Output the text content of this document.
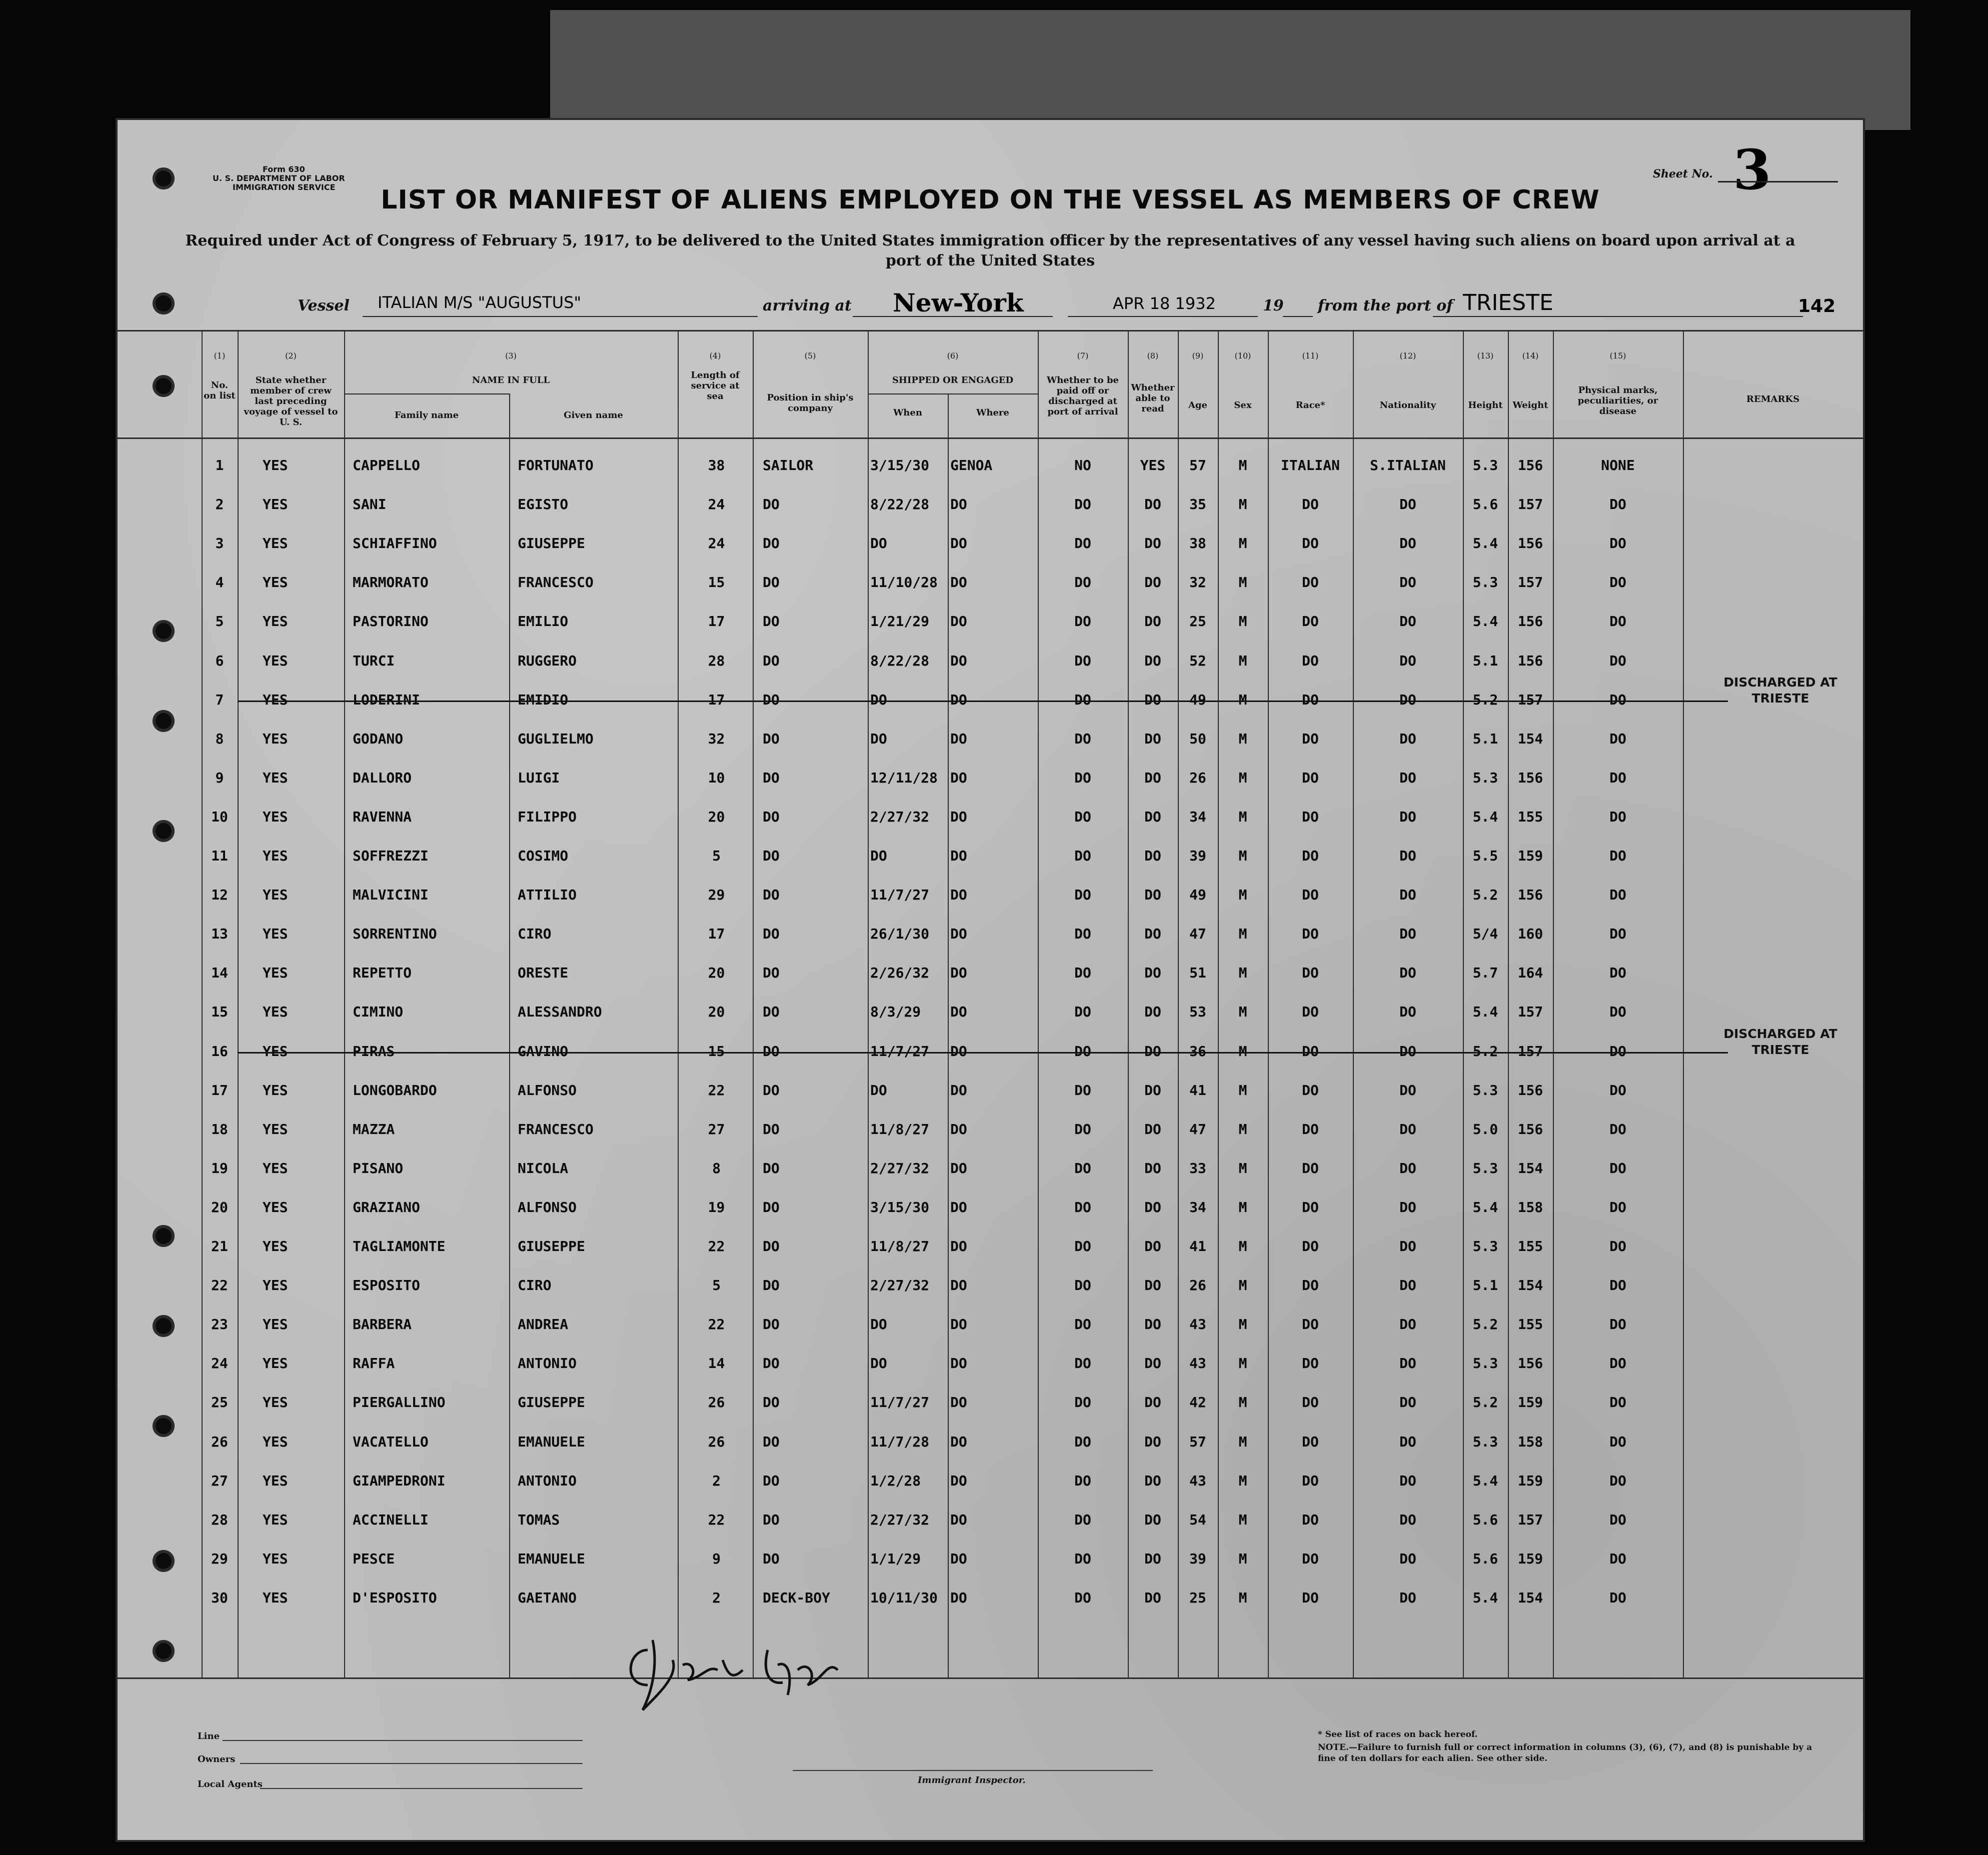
Form 630
U. S. DEPARTMENT OF LABOR
IMMIGRATION SERVICE
Sheet No. 3
LIST OR MANIFEST OF ALIENS EMPLOYED ON THE VESSEL AS MEMBERS OF CREW
Required under Act of Congress of February 5, 1917, to be delivered to the United States immigration officer by the representatives of any vessel having such aliens on board upon arrival at a port of the United States
Vessel ITALIAN M/S "AUGUSTUS"	arriving at New-York	APR 18 1932	19 from the port of TRIESTE	142
(1)	(2)	(3)	(4)	(5)	(6)	(7)	(8)	(9)	(10)	(11)	(12)	(13)	(14)	(15)
No. on list
State whether member of crew last preceding voyage of vessel to U. S.
NAME IN FULL
Family name	Given name
Length of service at sea	Position in ship's company
SHIPPED OR ENGAGED
When	Where
Whether to be paid off or discharged at port of arrival
Whether able to read	Age	Sex	Race*	Nationality	Height	Weight
Physical marks, peculiarities, or disease
REMARKS
1	YES	CAPPELLO	FORTUNATO	38	SAILOR	3/15/30	GENOA	NO	YES	57	M	ITALIAN	S.ITALIAN	5.3	156	NONE
2	YES	SANI	EGISTO	24	DO	8/22/28	DO	DO	DO	35	M	DO	DO	5.6	157	DO
3	YES	SCHIAFFINO	GIUSEPPE	24	DO	DO	DO	DO	DO	38	M	DO	DO	5.4	156	DO
4	YES	MARMORATO	FRANCESCO	15	DO	11/10/28 DO	DO	DO	32	M	DO	DO	5.3	157	DO
5	YES	PASTORINO	EMILIO	17	DO	1/21/29	DO	DO	DO	25	M	DO	DO	5.4	156	DO
6	YES	TURCI	RUGGERO	28	DO	8/22/28	DO	DO	DO	52	M	DO	DO	5.1	156	DO
7	YES	LODERINI	EMIDIO	17	DO	DO	DO	DO	DO	49	M	DO	DO	5.2	157	DO
DISCHARGED AT TRIESTE
8	YES	GODANO	GUGLIELMO	32	DO	DO	DO	DO	DO	50	M	DO	DO	5.1	154	DO
9	YES	DALLORO	LUIGI	10	DO	12/11/28 DO	DO	DO	26	M	DO	DO	5.3	156	DO
10	YES	RAVENNA	FILIPPO	20	DO	2/27/32	DO	DO	DO	34	M	DO	DO	5.4	155	DO
11	YES	SOFFREZZI	COSIMO	5	DO	DO	DO	DO	DO	39	M	DO	DO	5.5	159	DO
12	YES	MALVICINI	ATTILIO	29	DO	11/7/27	DO	DO	DO	49	M	DO	DO	5.2	156	DO
13	YES	SORRENTINO	CIRO	17	DO	26/1/30	DO	DO	DO	47	M	DO	DO	5/4	160	DO
14	YES	REPETTO	ORESTE	20	DO	2/26/32	DO	DO	DO	51	M	DO	DO	5.7	164	DO
15	YES	CIMINO	ALESSANDRO	20	DO	8/3/29	DO	DO	DO	53	M	DO	DO	5.4	157	DO
16	YES	PIRAS	GAVINO	15	DO	11/7/27	DO	DO	DO	36	M	DO	DO	5.2	157	DO
DISCHARGED AT TRIESTE
17	YES	LONGOBARDO	ALFONSO	22	DO	DO	DO	DO	DO	41	M	DO	DO	5.3	156	DO
18	YES	MAZZA	FRANCESCO	27	DO	11/8/27	DO	DO	DO	47	M	DO	DO	5.0	156	DO
19	YES	PISANO	NICOLA	8	DO	2/27/32	DO	DO	DO	33	M	DO	DO	5.3	154	DO
20	YES	GRAZIANO	ALFONSO	19	DO	3/15/30	DO	DO	DO	34	M	DO	DO	5.4	158	DO
21	YES	TAGLIAMONTE	GIUSEPPE	22	DO	11/8/27	DO	DO	DO	41	M	DO	DO	5.3	155	DO
22	YES	ESPOSITO	CIRO	5	DO	2/27/32	DO	DO	DO	26	M	DO	DO	5.1	154	DO
23	YES	BARBERA	ANDREA	22	DO	DO	DO	DO	DO	43	M	DO	DO	5.2	155	DO
24	YES	RAFFA	ANTONIO	14	DO	DO	DO	DO	DO	43	M	DO	DO	5.3	156	DO
25	YES	PIERGALLINO	GIUSEPPE	26	DO	11/7/27	DO	DO	DO	42	M	DO	DO	5.2	159	DO
26	YES	VACATELLO	EMANUELE	26	DO	11/7/28	DO	DO	DO	57	M	DO	DO	5.3	158	DO
27	YES	GIAMPEDRONI	ANTONIO	2	DO	1/2/28	DO	DO	DO	43	M	DO	DO	5.4	159	DO
28	YES	ACCINELLI	TOMAS	22	DO	2/27/32	DO	DO	DO	54	M	DO	DO	5.6	157	DO
29	YES	PESCE	EMANUELE	9	DO	1/1/29	DO	DO	DO	39	M	DO	DO	5.6	159	DO
30	YES	D'ESPOSITO	GAETANO	2	DECK-BOY	10/11/30 DO	DO	DO	25	M	DO	DO	5.4	154	DO
Line
Owners
Local Agents	Immigrant Inspector.
* See list of races on back hereof.
NOTE.—Failure to furnish full or correct information in columns (3), (6), (7), and (8) is punishable by a fine of ten dollars for each alien. See other side.
